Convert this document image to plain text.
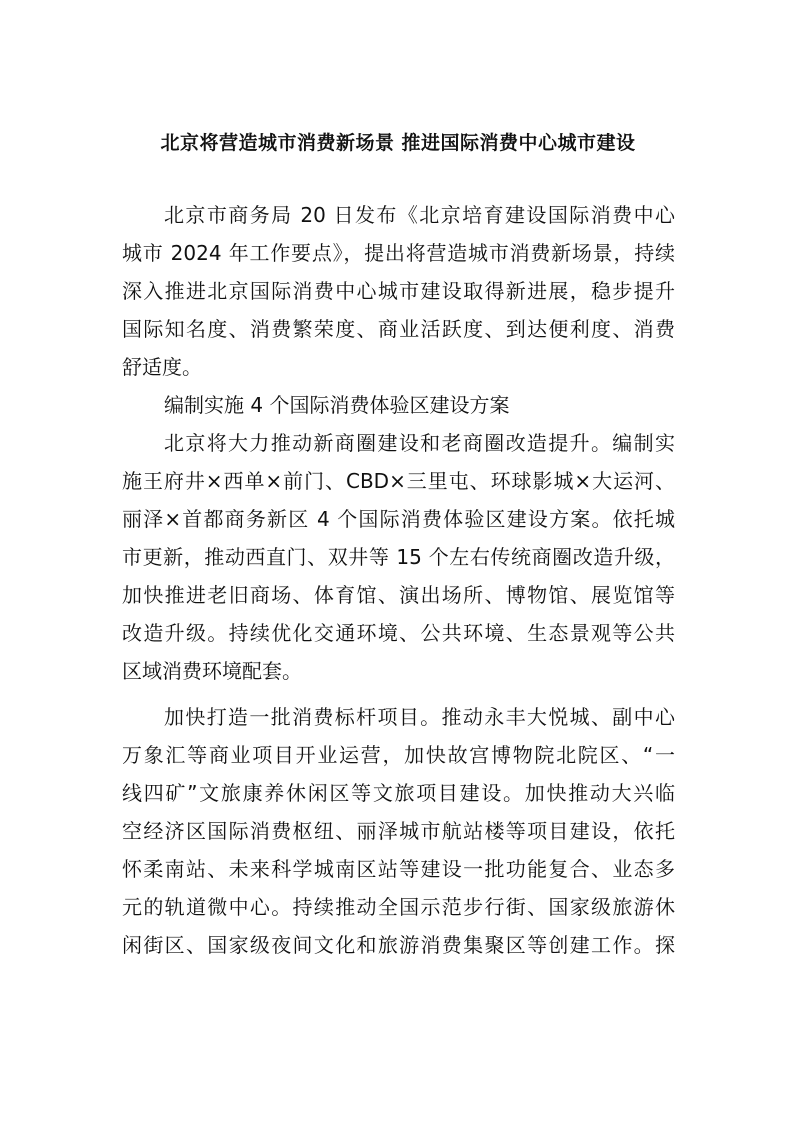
北京将营造城市消费新场景 推进国际消费中心城市建设
北京市商务局 20 日发布《北京培育建设国际消费中心
城市 2024 年工作要点》，提出将营造城市消费新场景，持续
深入推进北京国际消费中心城市建设取得新进展，稳步提升
国际知名度、消费繁荣度、商业活跃度、到达便利度、消费
舒适度。
编制实施 4 个国际消费体验区建设方案
北京将大力推动新商圈建设和老商圈改造提升。编制实
施王府井×西单×前门、CBD×三里屯、环球影城×大运河、
丽泽×首都商务新区 4 个国际消费体验区建设方案。依托城
市更新，推动西直门、双井等 15 个左右传统商圈改造升级，
加快推进老旧商场、体育馆、演出场所、博物馆、展览馆等
改造升级。持续优化交通环境、公共环境、生态景观等公共
区域消费环境配套。
加快打造一批消费标杆项目。推动永丰大悦城、副中心
万象汇等商业项目开业运营，加快故宫博物院北院区、“一
线四矿”文旅康养休闲区等文旅项目建设。加快推动大兴临
空经济区国际消费枢纽、丽泽城市航站楼等项目建设，依托
怀柔南站、未来科学城南区站等建设一批功能复合、业态多
元的轨道微中心。持续推动全国示范步行街、国家级旅游休
闲街区、国家级夜间文化和旅游消费集聚区等创建工作。探
